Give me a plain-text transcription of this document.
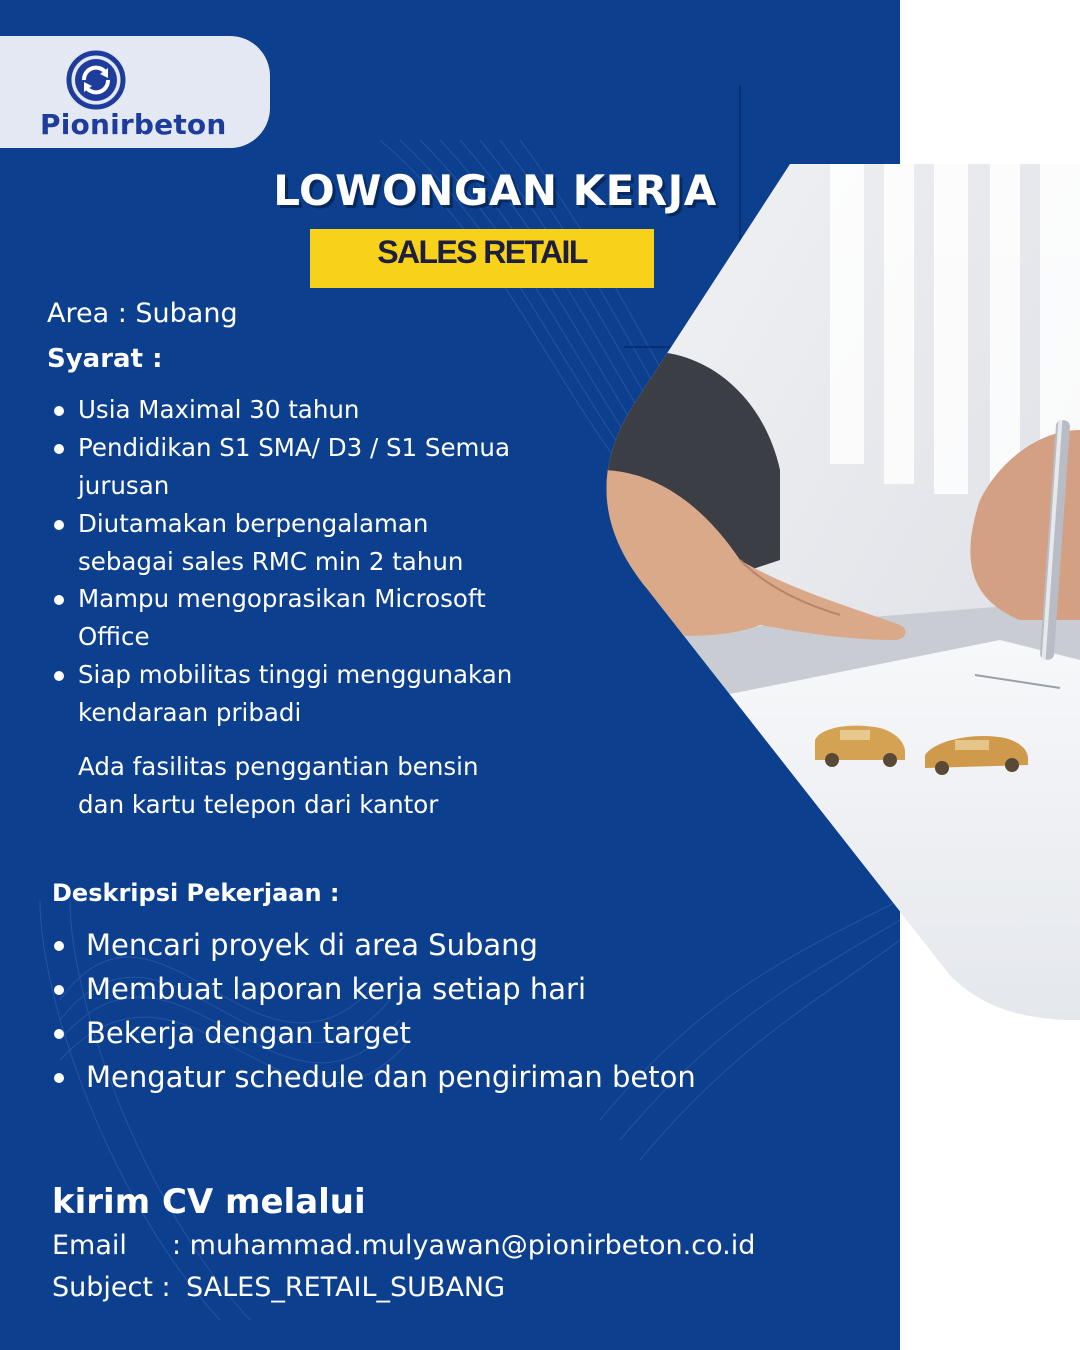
Pionirbeton
LOWONGAN KERJA
SALES RETAIL
Area : Subang
Syarat :
Usia Maximal 30 tahun
Pendidikan S1 SMA/ D3 / S1 Semua
jurusan
Diutamakan berpengalaman
sebagai sales RMC min 2 tahun
Mampu mengoprasikan Microsoft
Office
Siap mobilitas tinggi menggunakan
kendaraan pribadi
Ada fasilitas penggantian bensin
dan kartu telepon dari kantor
Deskripsi Pekerjaan :
Mencari proyek di area Subang
Membuat laporan kerja setiap hari
Bekerja dengan target
Mengatur schedule dan pengiriman beton
kirim CV melalui
Email : muhammad.mulyawan@pionirbeton.co.id
Subject : SALES_RETAIL_SUBANG
